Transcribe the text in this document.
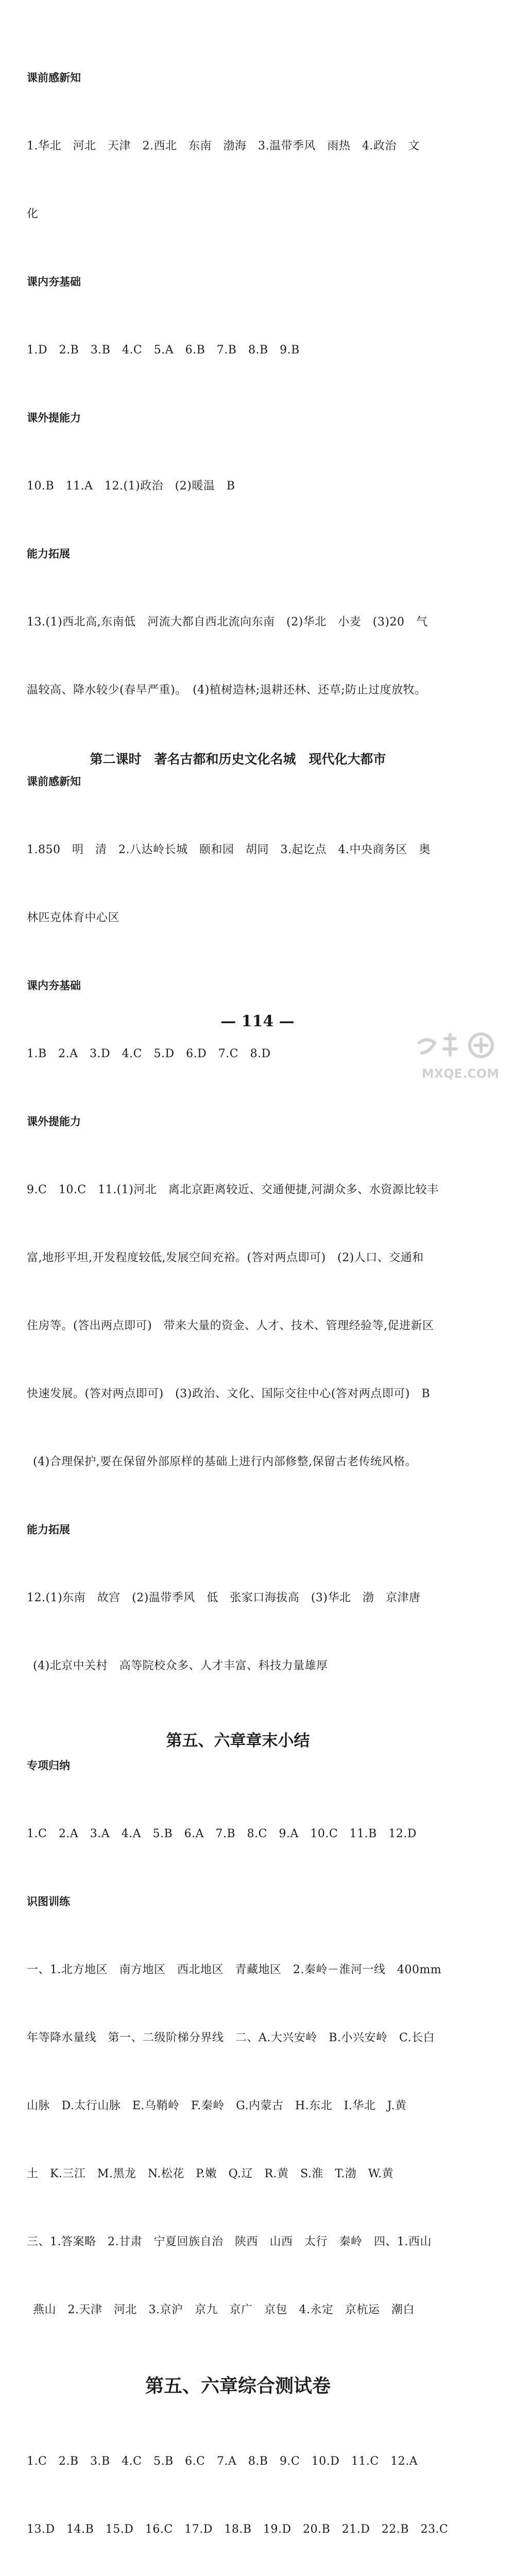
课前感新知

1.华北　河北　天津　2.西北　东南　渤海　3.温带季风　雨热　4.政治　文

化

课内夯基础

1.D　2.B　3.B　4.C　5.A　6.B　7.B　8.B　9.B

课外提能力

10.B　11.A　12.(1)政治　(2)暖温　B

能力拓展

13.(1)西北高,东南低　河流大都自西北流向东南　(2)华北　小麦　(3)20　气

温较高、降水较少(春旱严重)。　(4)植树造林;退耕还林、还草;防止过度放牧。

第二课时　著名古都和历史文化名城　现代化大都市
课前感新知

1.850　明　清　2.八达岭长城　颐和园　胡同　3.起讫点　4.中央商务区　奥

林匹克体育中心区

课内夯基础

1.B　2.A　3.D　4.C　5.D　6.D　7.C　8.D

课外提能力

9.C　10.C　11.(1)河北　离北京距离较近、交通便捷,河湖众多、水资源比较丰

富,地形平坦,开发程度较低,发展空间充裕。(答对两点即可)　(2)人口、交通和

住房等。(答出两点即可)　带来大量的资金、人才、技术、管理经验等,促进新区

快速发展。(答对两点即可)　(3)政治、文化、国际交往中心(答对两点即可)　B

(4)合理保护,要在保留外部原样的基础上进行内部修整,保留古老传统风格。

能力拓展

12.(1)东南　故宫　(2)温带季风　低　张家口海拔高　(3)华北　渤　京津唐

(4)北京中关村　高等院校众多、人才丰富、科技力量雄厚

第五、六章章末小结
专项归纳

1.C　2.A　3.A　4.A　5.B　6.A　7.B　8.C　9.A　10.C　11.B　12.D

识图训练

一、1.北方地区　南方地区　西北地区　青藏地区　2.秦岭－淮河一线　400mm

年等降水量线　第一、二级阶梯分界线　二、A.大兴安岭　B.小兴安岭　C.长白

山脉　D.太行山脉　E.乌鞘岭　F.秦岭　G.内蒙古　H.东北　I.华北　J.黄

土　K.三江　M.黑龙　N.松花　P.嫩　Q.辽　R.黄　S.淮　T.渤　W.黄

三、1.答案略　2.甘肃　宁夏回族自治　陕西　山西　太行　秦岭　四、1.西山

燕山　2.天津　河北　3.京沪　京九　京广　京包　4.永定　京杭运　潮白

第五、六章综合测试卷

1.C　2.B　3.B　4.C　5.B　6.C　7.A　8.B　9.C　10.D　11.C　12.A

13.D　14.B　15.D　16.C　17.D　18.B　19.D　20.B　21.D　22.B　23.C

— 114 —
MXQE.COM
